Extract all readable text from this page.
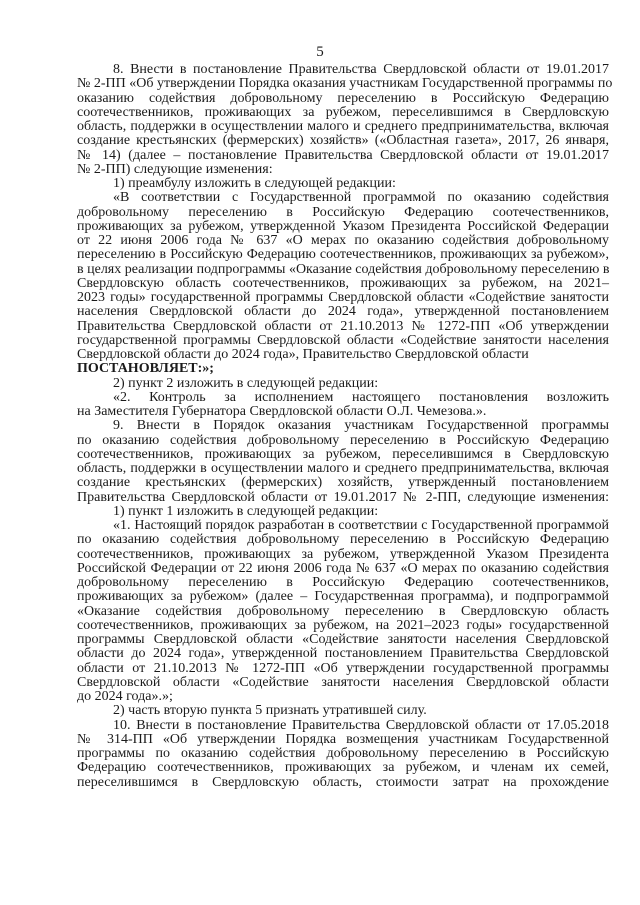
5
8. Внести в постановление Правительства Свердловской области от 19.01.2017
№ 2-ПП «Об утверждении Порядка оказания участникам Государственной программы по
оказанию содействия добровольному переселению в Российскую Федерацию
соотечественников, проживающих за рубежом, переселившимся в Свердловскую
область, поддержки в осуществлении малого и среднего предпринимательства, включая
создание крестьянских (фермерских) хозяйств» («Областная газета», 2017, 26 января,
№ 14) (далее – постановление Правительства Свердловской области от 19.01.2017
№ 2-ПП) следующие изменения:
1) преамбулу изложить в следующей редакции:
«В соответствии с Государственной программой по оказанию содействия
добровольному переселению в Российскую Федерацию соотечественников,
проживающих за рубежом, утвержденной Указом Президента Российской Федерации
от 22 июня 2006 года № 637 «О мерах по оказанию содействия добровольному
переселению в Российскую Федерацию соотечественников, проживающих за рубежом»,
в целях реализации подпрограммы «Оказание содействия добровольному переселению в
Свердловскую область соотечественников, проживающих за рубежом, на 2021–
2023 годы» государственной программы Свердловской области «Содействие занятости
населения Свердловской области до 2024 года», утвержденной постановлением
Правительства Свердловской области от 21.10.2013 № 1272-ПП «Об утверждении
государственной программы Свердловской области «Содействие занятости населения
Свердловской области до 2024 года», Правительство Свердловской области
ПОСТАНОВЛЯЕТ:»;
2) пункт 2 изложить в следующей редакции:
«2. Контроль за исполнением настоящего постановления возложить
на Заместителя Губернатора Свердловской области О.Л. Чемезова.».
9. Внести в Порядок оказания участникам Государственной программы
по оказанию содействия добровольному переселению в Российскую Федерацию
соотечественников, проживающих за рубежом, переселившимся в Свердловскую
область, поддержки в осуществлении малого и среднего предпринимательства, включая
создание крестьянских (фермерских) хозяйств, утвержденный постановлением
Правительства Свердловской области от 19.01.2017 № 2-ПП, следующие изменения:
1) пункт 1 изложить в следующей редакции:
«1. Настоящий порядок разработан в соответствии с Государственной программой
по оказанию содействия добровольному переселению в Российскую Федерацию
соотечественников, проживающих за рубежом, утвержденной Указом Президента
Российской Федерации от 22 июня 2006 года № 637 «О мерах по оказанию содействия
добровольному переселению в Российскую Федерацию соотечественников,
проживающих за рубежом» (далее – Государственная программа), и подпрограммой
«Оказание содействия добровольному переселению в Свердловскую область
соотечественников, проживающих за рубежом, на 2021–2023 годы» государственной
программы Свердловской области «Содействие занятости населения Свердловской
области до 2024 года», утвержденной постановлением Правительства Свердловской
области от 21.10.2013 № 1272-ПП «Об утверждении государственной программы
Свердловской области «Содействие занятости населения Свердловской области
до 2024 года».»;
2) часть вторую пункта 5 признать утратившей силу.
10. Внести в постановление Правительства Свердловской области от 17.05.2018
№ 314-ПП «Об утверждении Порядка возмещения участникам Государственной
программы по оказанию содействия добровольному переселению в Российскую
Федерацию соотечественников, проживающих за рубежом, и членам их семей,
переселившимся в Свердловскую область, стоимости затрат на прохождение
